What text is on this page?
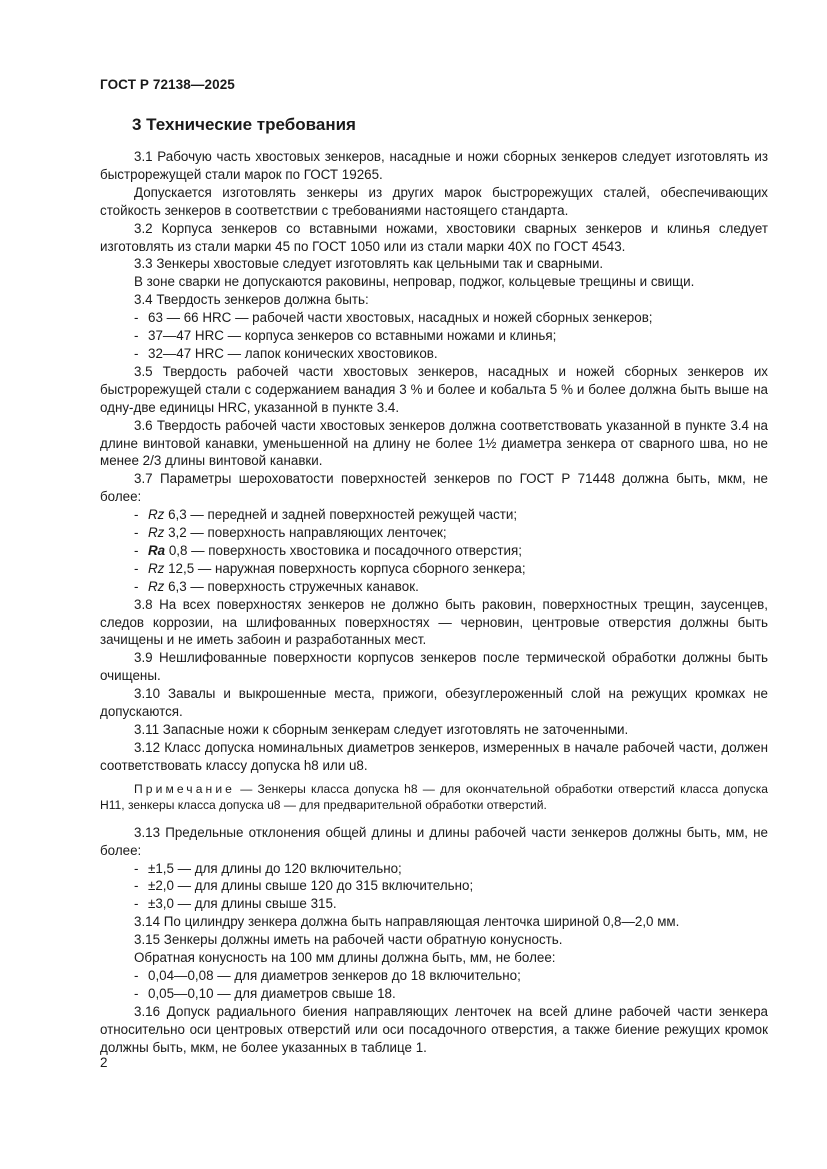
ГОСТ Р 72138—2025
3 Технические требования

3.1 Рабочую часть хвостовых зенкеров, насадные и ножи сборных зенкеров следует изготовлять из быстрорежущей стали марок по ГОСТ 19265.

Допускается изготовлять зенкеры из других марок быстрорежущих сталей, обеспечивающих стойкость зенкеров в соответствии с требованиями настоящего стандарта.

3.2 Корпуса зенкеров со вставными ножами, хвостовики сварных зенкеров и клинья следует изготовлять из стали марки 45 по ГОСТ 1050 или из стали марки 40Х по ГОСТ 4543.

3.3 Зенкеры хвостовые следует изготовлять как цельными так и сварными.

В зоне сварки не допускаются раковины, непровар, поджог, кольцевые трещины и свищи.

3.4 Твердость зенкеров должна быть:

- 63 — 66 HRC — рабочей части хвостовых, насадных и ножей сборных зенкеров;

- 37—47 HRC — корпуса зенкеров со вставными ножами и клинья;

- 32—47 HRC — лапок конических хвостовиков.

3.5 Твердость рабочей части хвостовых зенкеров, насадных и ножей сборных зенкеров их быстрорежущей стали с содержанием ванадия 3 % и более и кобальта 5 % и более должна быть выше на одну-две единицы HRC, указанной в пункте 3.4.

3.6 Твердость рабочей части хвостовых зенкеров должна соответствовать указанной в пункте 3.4 на длине винтовой канавки, уменьшенной на длину не более 1½ диаметра зенкера от сварного шва, но не менее 2/3 длины винтовой канавки.

3.7 Параметры шероховатости поверхностей зенкеров по ГОСТ Р 71448 должна быть, мкм, не более:

- Rz 6,3 — передней и задней поверхностей режущей части;

- Rz 3,2 — поверхность направляющих ленточек;

- Ra 0,8 — поверхность хвостовика и посадочного отверстия;

- Rz 12,5 — наружная поверхность корпуса сборного зенкера;

- Rz 6,3 — поверхность стружечных канавок.

3.8 На всех поверхностях зенкеров не должно быть раковин, поверхностных трещин, заусенцев, следов коррозии, на шлифованных поверхностях — черновин, центровые отверстия должны быть зачищены и не иметь забоин и разработанных мест.

3.9 Нешлифованные поверхности корпусов зенкеров после термической обработки должны быть очищены.

3.10 Завалы и выкрошенные места, прижоги, обезуглероженный слой на режущих кромках не допускаются.

3.11 Запасные ножи к сборным зенкерам следует изготовлять не заточенными.

3.12 Класс допуска номинальных диаметров зенкеров, измеренных в начале рабочей части, должен соответствовать классу допуска h8 или u8.

Примечание — Зенкеры класса допуска h8 — для окончательной обработки отверстий класса допуска Н11, зенкеры класса допуска u8 — для предварительной обработки отверстий.

3.13 Предельные отклонения общей длины и длины рабочей части зенкеров должны быть, мм, не более:

- ±1,5 — для длины до 120 включительно;

- ±2,0 — для длины свыше 120 до 315 включительно;

- ±3,0 — для длины свыше 315.

3.14 По цилиндру зенкера должна быть направляющая ленточка шириной 0,8—2,0 мм.

3.15 Зенкеры должны иметь на рабочей части обратную конусность.

Обратная конусность на 100 мм длины должна быть, мм, не более:

- 0,04—0,08 — для диаметров зенкеров до 18 включительно;

- 0,05—0,10 — для диаметров свыше 18.

3.16 Допуск радиального биения направляющих ленточек на всей длине рабочей части зенкера относительно оси центровых отверстий или оси посадочного отверстия, а также биение режущих кромок должны быть, мкм, не более указанных в таблице 1.

2
